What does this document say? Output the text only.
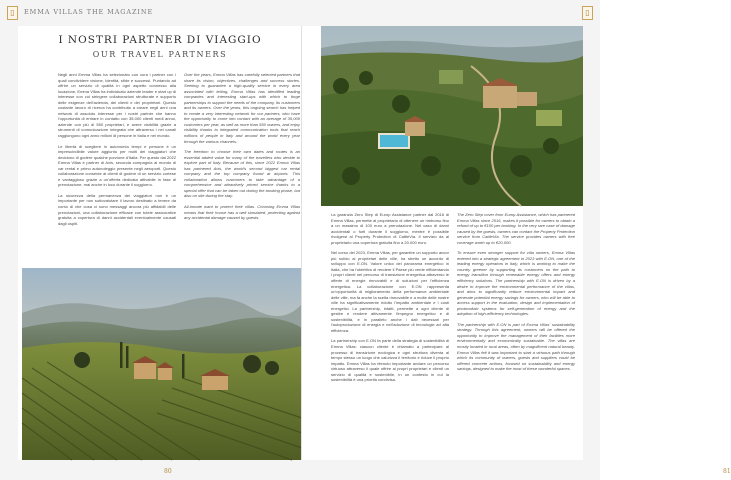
▯	EMMA VILLAS THE MAGAZINE	▯
I NOSTRI PARTNER DI VIAGGIO
OUR TRAVEL PARTNERS

Negli anni Emma Villas ha selezionato con cura i partner con i quali condividere visione, identità, sfide e successi. Puntando ad offrire un servizio di qualità in ogni aspetto connesso alla locazione, Emma Villas ha individuato aziende leader e start up di interesse con cui stringere collaborazioni strutturate e supporto delle esigenze dell'azienda, dei clienti e dei proprietari. Questo costante lavoro di ricerca ha contribuito a creare negli anni una network di assoluto interesse per i nostri partner che hanno l'opportunità di entrare in contatto con 35.000 clienti medi annui, aziende con più di 550 proprietari, e avere visibilità grazie a strumenti di comunicazione integrata che attraverso i nei canali raggiungono ogni anno milioni di persone in Italia e nel mondo.

Le libertà di scegliere in autonomia tempi e persone è un imprescindibile valore aggiunto per molti dei viaggiatori che decidono di godere qualche porzione d'Italia. Per questo dal 2022 Emma Villas è partner di Avis, seconda compagnia al mondo di car rental e primo autonoleggio presente negli aeroporti. Questo collaborazione consente ai clienti di godere di un servizio cortese e vantaggioso grazie a un'offerta dedicata attivabile in fase di prenotazione, mai anche in loco durante il soggiorno.

La sicurezza della permanenza dei viaggiatori non è un importante per non sottovalutare il lavoro destinato a tenere da conto di che cosa ci sono messaggi ancora più affidabili delle prenotazioni, una collaborazione efficace con tutele assicurative gratuita a copertura di danni accidentali eventualmente causati dagli ospiti.

Over the years, Emma Villas has carefully selected partners that share its vision, objectives, challenges and success stories. Seeking to guarantee a high-quality service in every area associated with letting, Emma Villas has identified leading companies and interesting start-ups with which to forge partnerships to support the needs of the company, its customers and its owners. Over the years, this ongoing search has helped to create a very interesting network for our partners, who have the opportunity to come into contact with an average of 35,000 customers per year, as well as more than 550 owners, and enjoy visibility thanks to integrated communication tools that reach millions of people in Italy and around the world every year through the various channels.

The freedom to choose their own dates and routes is an essential added value for many of the travellers who decide to explore part of Italy. Because of this, since 2022 Emma Villas has partnered Avis, the world's second biggest car rental company and the top company found at airports. This collaboration allows customers to take advantage of a comprehensive and attractively priced service thanks to a special offer that can be taken out during the booking phase, but also on site during the stay.

All-inmate want to protect their villas. Choosing Emma Villas means that their house has a well simulated, protecting against any accidental damage caused by guests.

80

La garanzia Zero Step di Europ Assistance partner dal 2016 di Emma Villas, permette al proprietario di ottenere un rimborso fino a un massimo di 100 euro a prenotazione. Nel caso di danni accidentali o furti durante il soggiorno, mentre è possibile rivolgersi al Property Protection di CattleVia. Il servizio da al proprietario una copertura gratuita fino a 20.000 euro.

Nel corso del 2023, Emma Villas, per garantire un supporto ancor più solido ai proprietari delle ville, ha stretto un accordo di sviluppo con E.ON. Valore unico del panorama energetico in Italia, che ha l'obiettivo di rendere il Paese più verde efficientando i propri clienti nel percorso di transizione energetica attraverso le offerte di energie rinnovabili e di soluzioni per l'efficienza energetica. La collaborazione con E.ON rappresenta un'opportunità di miglioramento della performance ambientale delle ville, ma fa anche la scelta rinnovabile e a molte delle nostre ville ha significativamente ridotto l'impatto ambientale e i costi energetici. La partnership, infatti, permette a ogni cliente di gestire e rendere attivamente l'impegno energetico e di sostenibilità, e in parallelo anche i dati necessari per l'autoproduzione di energia e nell'adozione di tecnologie ad alta efficienza.

La partnership con E.ON fa parte della strategia di sostenibilità di Emma Villas: ciascun cliente è chiamato a partecipare al processo di transizione ecologica e ogni struttura diventa al tempo stesso un luogo che valorizza il territorio e riduce il proprio impatto. Emma Villas ha ritenuto importante avviare un percorso virtuoso attraverso il quale offrire ai propri proprietari e clienti un servizio di qualità e sostenibile, in un contesto in cui la sostenibilità è una priorità condivisa.

The Zero Step cover from Europ Assistance, which has partnered Emma Villas since 2016, makes it possible for owners to obtain a refund of up to €100 per booking. In the very rare case of damage caused by the guests, owners can contact the Property Protection service from CattleVia. The service provides owners with free coverage worth up to €20,000.

To ensure even stronger support for villa owners, Emma Villas entered into a strategic agreement in 2023 with E.ON, one of the leading energy operators in Italy, which is working to make the country greener by supporting its customers on the path to energy transition through renewable energy offers and energy efficiency solutions. The partnership with E.ON is driven by a desire to improve the environmental performance of the villas, and aims to significantly reduce environmental impact and generate potential energy savings for owners, who will be able to access support in the evaluation, design and implementation of photovoltaic systems for self-generation of energy and the adoption of high-efficiency technologies.

The partnership with E.ON is part of Emma Villas' sustainability strategy. Through this agreement, owners will be offered the opportunity to improve the management of their facilities more environmentally and economically sustainable. The villas are mostly located in rural areas, often by magnificent natural beauty. Emma Villas felt it was important to start a virtuous path through which its community of owners, guests and suppliers could be offered concrete actions, focused on sustainability and energy savings, designed to make the most of these wonderful spaces.

81
